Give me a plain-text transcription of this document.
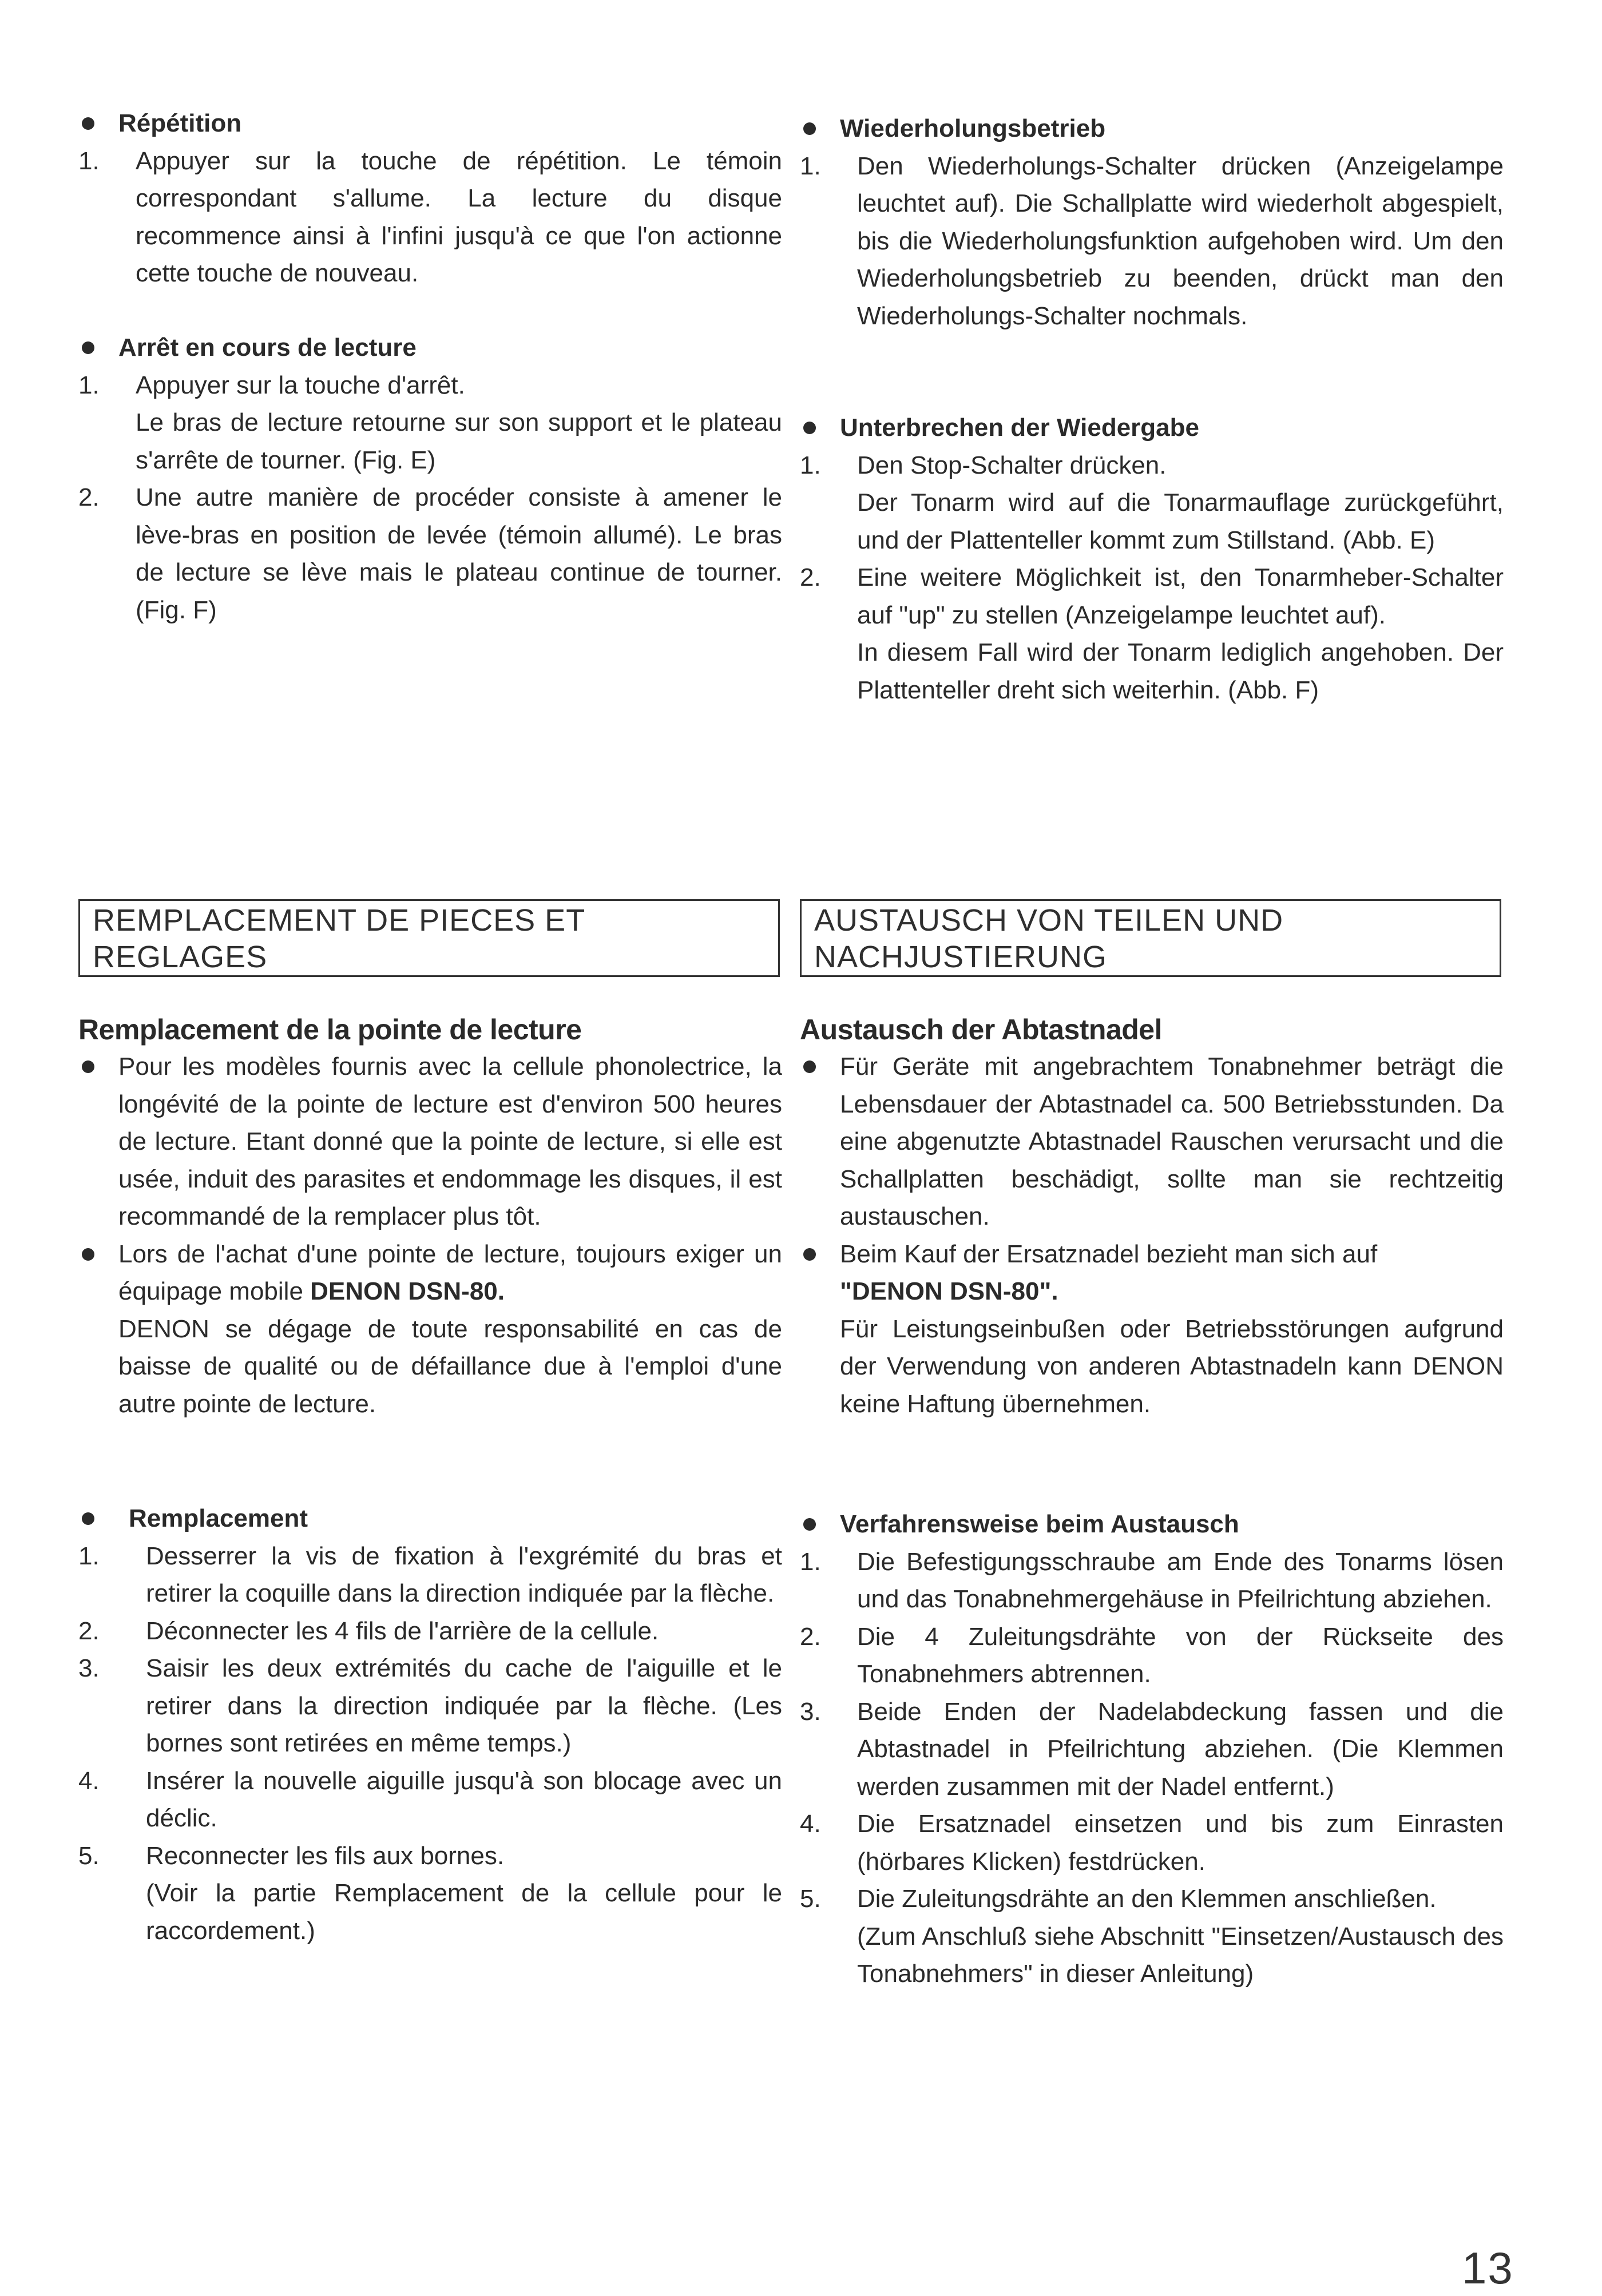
Répétition
1. Appuyer sur la touche de répétition. Le témoin correspondant s'allume. La lecture du disque recommence ainsi à l'infini jusqu'à ce que l'on actionne cette touche de nouveau.
Arrêt en cours de lecture
1. Appuyer sur la touche d'arrêt.
Le bras de lecture retourne sur son support et le plateau s'arrête de tourner. (Fig. E)
2. Une autre manière de procéder consiste à amener le lève-bras en position de levée (témoin allumé). Le bras de lecture se lève mais le plateau continue de tourner. (Fig. F)
REMPLACEMENT DE PIECES ET
REGLAGES
Remplacement de la pointe de lecture
Pour les modèles fournis avec la cellule phonolectrice, la longévité de la pointe de lecture est d'environ 500 heures de lecture. Etant donné que la pointe de lecture, si elle est usée, induit des parasites et endommage les disques, il est recommandé de la remplacer plus tôt.
Lors de l'achat d'une pointe de lecture, toujours exiger un équipage mobile DENON DSN-80.
DENON se dégage de toute responsabilité en cas de baisse de qualité ou de défaillance due à l'emploi d'une autre pointe de lecture.
Remplacement
1. Desserrer la vis de fixation à l'exgrémité du bras et retirer la coquille dans la direction indiquée par la flèche.
2. Déconnecter les 4 fils de l'arrière de la cellule.
3. Saisir les deux extrémités du cache de l'aiguille et le retirer dans la direction indiquée par la flèche. (Les bornes sont retirées en même temps.)
4. Insérer la nouvelle aiguille jusqu'à son blocage avec un déclic.
5. Reconnecter les fils aux bornes.
(Voir la partie Remplacement de la cellule pour le raccordement.)
Wiederholungsbetrieb
1. Den Wiederholungs-Schalter drücken (Anzeigelampe leuchtet auf). Die Schallplatte wird wiederholt abgespielt, bis die Wiederholungsfunktion aufgehoben wird. Um den Wiederholungsbetrieb zu beenden, drückt man den Wiederholungs-Schalter nochmals.
Unterbrechen der Wiedergabe
1. Den Stop-Schalter drücken.
Der Tonarm wird auf die Tonarmauflage zurückgeführt, und der Plattenteller kommt zum Stillstand. (Abb. E)
2. Eine weitere Möglichkeit ist, den Tonarmheber-Schalter auf "up" zu stellen (Anzeigelampe leuchtet auf).
In diesem Fall wird der Tonarm lediglich angehoben. Der Plattenteller dreht sich weiterhin. (Abb. F)
AUSTAUSCH VON TEILEN UND
NACHJUSTIERUNG
Austausch der Abtastnadel
Für Geräte mit angebrachtem Tonabnehmer beträgt die Lebensdauer der Abtastnadel ca. 500 Betriebsstunden. Da eine abgenutzte Abtastnadel Rauschen verursacht und die Schallplatten beschädigt, sollte man sie rechtzeitig austauschen.
Beim Kauf der Ersatznadel bezieht man sich auf
"DENON DSN-80".
Für Leistungseinbußen oder Betriebsstörungen aufgrund der Verwendung von anderen Abtastnadeln kann DENON keine Haftung übernehmen.
Verfahrensweise beim Austausch
1. Die Befestigungsschraube am Ende des Tonarms lösen und das Tonabnehmergehäuse in Pfeilrichtung abziehen.
2. Die 4 Zuleitungsdrähte von der Rückseite des Tonabnehmers abtrennen.
3. Beide Enden der Nadelabdeckung fassen und die Abtastnadel in Pfeilrichtung abziehen. (Die Klemmen werden zusammen mit der Nadel entfernt.)
4. Die Ersatznadel einsetzen und bis zum Einrasten (hörbares Klicken) festdrücken.
5. Die Zuleitungsdrähte an den Klemmen anschließen.
(Zum Anschluß siehe Abschnitt "Einsetzen/Austausch des Tonabnehmers" in dieser Anleitung)
13
